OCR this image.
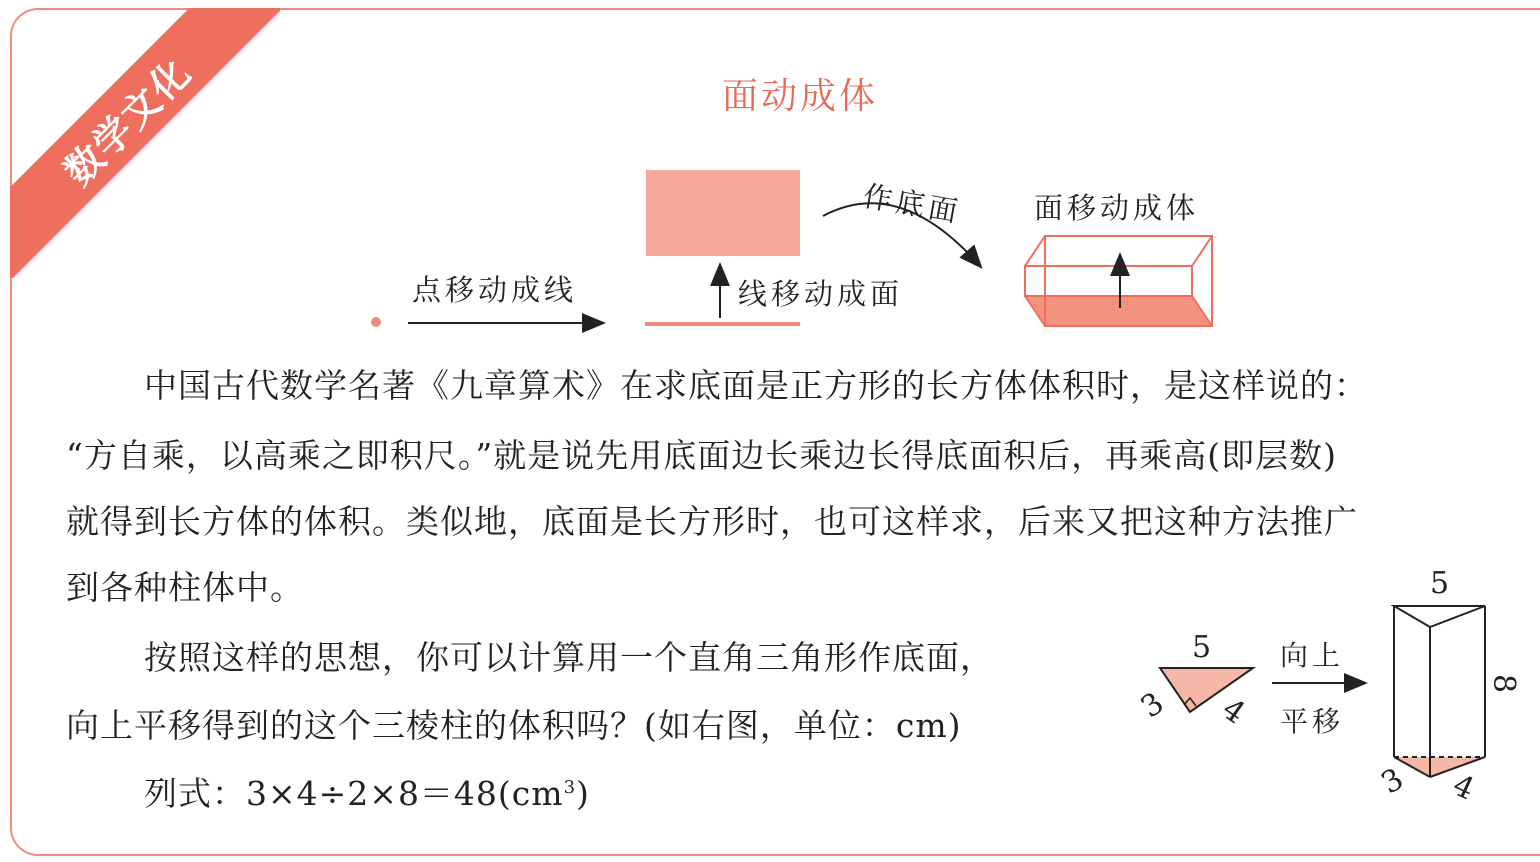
数学文化	面动成体
点移动成线	线移动成面
作底面 面移动成体
中国古代数学名著《九章算术》在求底面是正方形的长方体体积时，是这样说的：
“方自乘，以高乘之即积尺。”就是说先用底面边长乘边长得底面积后，再乘高(即层数)
就得到长方体的体积。类似地，底面是长方形时，也可这样求，后来又把这种方法推广
到各种柱体中。
按照这样的思想，你可以计算用一个直角三角形作底面，
向上平移得到的这个三棱柱的体积吗？(如右图，单位：cm)
列式：$3\times 4\div 2\times 8=48(cm^3)$
5
3 4
向上
平移
5
8
3 4
